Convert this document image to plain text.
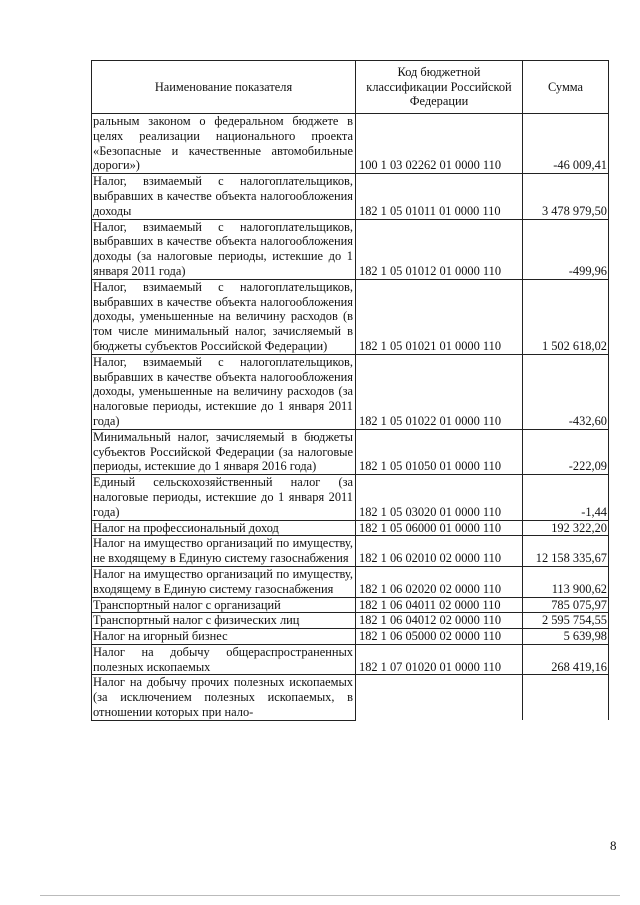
Наименование показателя	Код бюджетной классификации Российской Федерации	Сумма
ральным законом о федеральном бюджете в целях реализации национального проекта «Безопасные и качественные автомобильные дороги»)	100 1 03 02262 01 0000 110	-46 009,41
Налог, взимаемый с налогоплательщиков, выбравших в качестве объекта налогообложения доходы	182 1 05 01011 01 0000 110	3 478 979,50
Налог, взимаемый с налогоплательщиков, выбравших в качестве объекта налогообложения доходы (за налоговые периоды, истекшие до 1 января 2011 года)	182 1 05 01012 01 0000 110	-499,96
Налог, взимаемый с налогоплательщиков, выбравших в качестве объекта налогообложения доходы, уменьшенные на величину расходов (в том числе минимальный налог, зачисляемый в бюджеты субъектов Российской Федерации)	182 1 05 01021 01 0000 110	1 502 618,02
Налог, взимаемый с налогоплательщиков, выбравших в качестве объекта налогообложения доходы, уменьшенные на величину расходов (за налоговые периоды, истекшие до 1 января 2011 года)	182 1 05 01022 01 0000 110	-432,60
Минимальный налог, зачисляемый в бюджеты субъектов Российской Федерации (за налоговые периоды, истекшие до 1 января 2016 года)	182 1 05 01050 01 0000 110	-222,09
Единый сельскохозяйственный налог (за налоговые периоды, истекшие до 1 января 2011 года)	182 1 05 03020 01 0000 110	-1,44
Налог на профессиональный доход	182 1 05 06000 01 0000 110	192 322,20
Налог на имущество организаций по имуществу, не входящему в Единую систему газоснабжения	182 1 06 02010 02 0000 110	12 158 335,67
Налог на имущество организаций по имуществу, входящему в Единую систему газоснабжения	182 1 06 02020 02 0000 110	113 900,62
Транспортный налог с организаций	182 1 06 04011 02 0000 110	785 075,97
Транспортный налог с физических лиц	182 1 06 04012 02 0000 110	2 595 754,55
Налог на игорный бизнес	182 1 06 05000 02 0000 110	5 639,98
Налог на добычу общераспространенных полезных ископаемых	182 1 07 01020 01 0000 110	268 419,16
Налог на добычу прочих полезных ископаемых (за исключением полезных ископаемых, в отношении которых при нало-		
8
